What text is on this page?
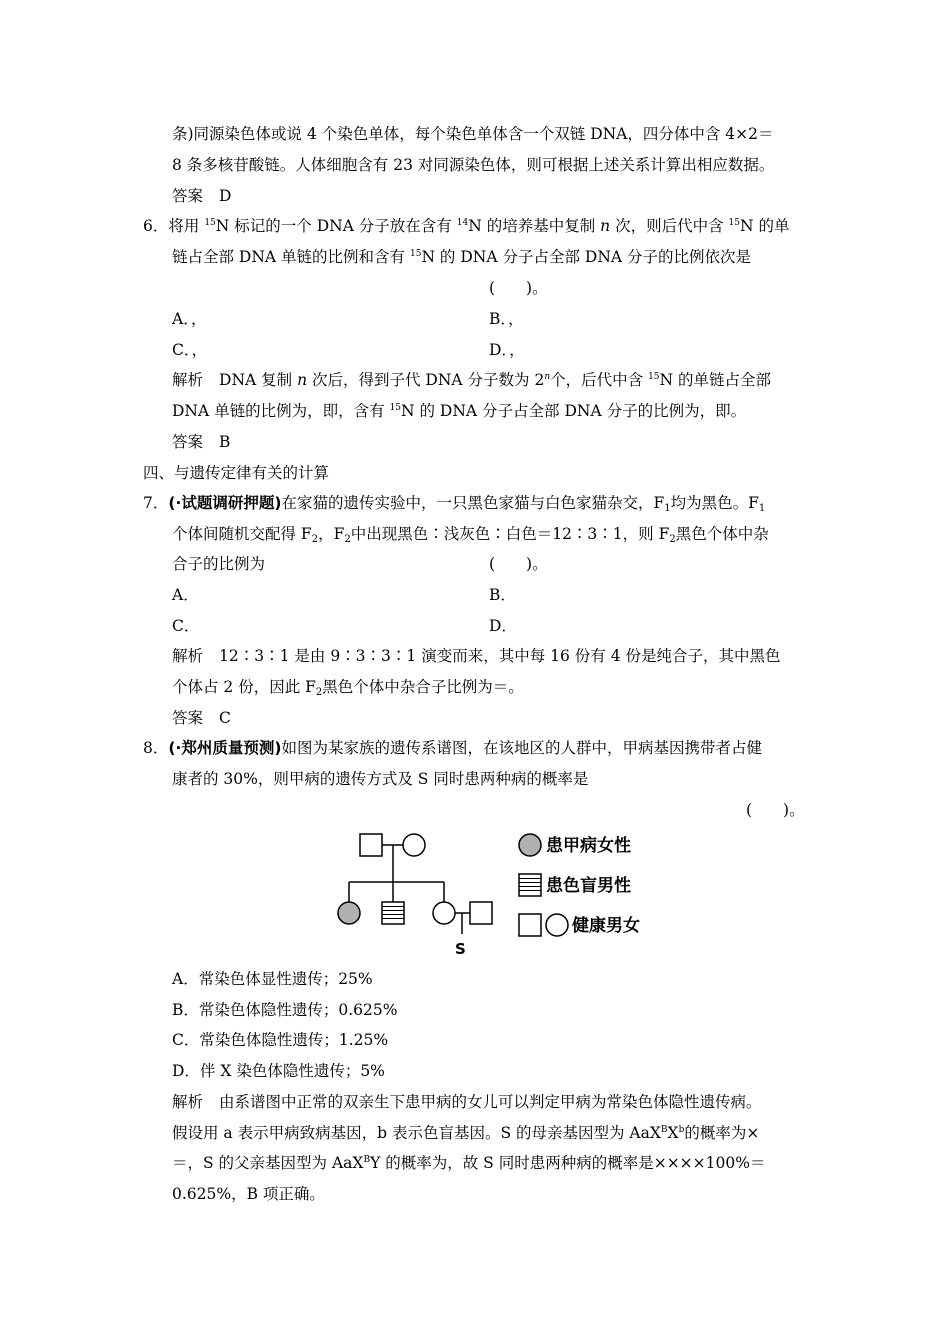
条)同源染色体或说 4 个染色单体，每个染色单体含一个双链 DNA，四分体中含 4×2＝
8 条多核苷酸链。人体细胞含有 23 对同源染色体，则可根据上述关系计算出相应数据。
答案 D
6．将用 $^{15}$N 标记的一个 DNA 分子放在含有 $^{14}$N 的培养基中复制 n 次，则后代中含 $^{15}$N 的单
链占全部 DNA 单链的比例和含有 $^{15}$N 的 DNA 分子占全部 DNA 分子的比例依次是
(　　)。
A．，	B．，
C．，	D．，
解析 DNA 复制 n 次后，得到子代 DNA 分子数为 2$^n$个，后代中含 $^{15}$N 的单链占全部
DNA 单链的比例为，即，含有 $^{15}$N 的 DNA 分子占全部 DNA 分子的比例为，即。
答案 B
四、与遗传定律有关的计算
7．(·试题调研押题)在家猫的遗传实验中，一只黑色家猫与白色家猫杂交，$F_1$均为黑色。$F_1$
个体间随机交配得 $F_2$，$F_2$中出现黑色∶浅灰色∶白色＝12∶3∶1，则 $F_2$黑色个体中杂
合子的比例为	(　　)。
A．	B．
C．	D．
解析 12∶3∶1 是由 9∶3∶3∶1 演变而来，其中每 16 份有 4 份是纯合子，其中黑色
个体占 2 份，因此 $F_2$黑色个体中杂合子比例为＝。
答案 C
8．(·郑州质量预测)如图为某家族的遗传系谱图，在该地区的人群中，甲病基因携带者占健
康者的 30%，则甲病的遗传方式及 S 同时患两种病的概率是
(　　)。
S
患甲病女性
患色盲男性
健康男女
A．常染色体显性遗传；25%
B．常染色体隐性遗传；0.625%
C．常染色体隐性遗传；1.25%
D．伴 X 染色体隐性遗传；5%
解析 由系谱图中正常的双亲生下患甲病的女儿可以判定甲病为常染色体隐性遗传病。
假设用 a 表示甲病致病基因，b 表示色盲基因。S 的母亲基因型为 $AaX^BX^b$的概率为×
＝，S 的父亲基因型为 AaX$^B$Y 的概率为，故 S 同时患两种病的概率是××××100%＝
0.625%，B 项正确。
